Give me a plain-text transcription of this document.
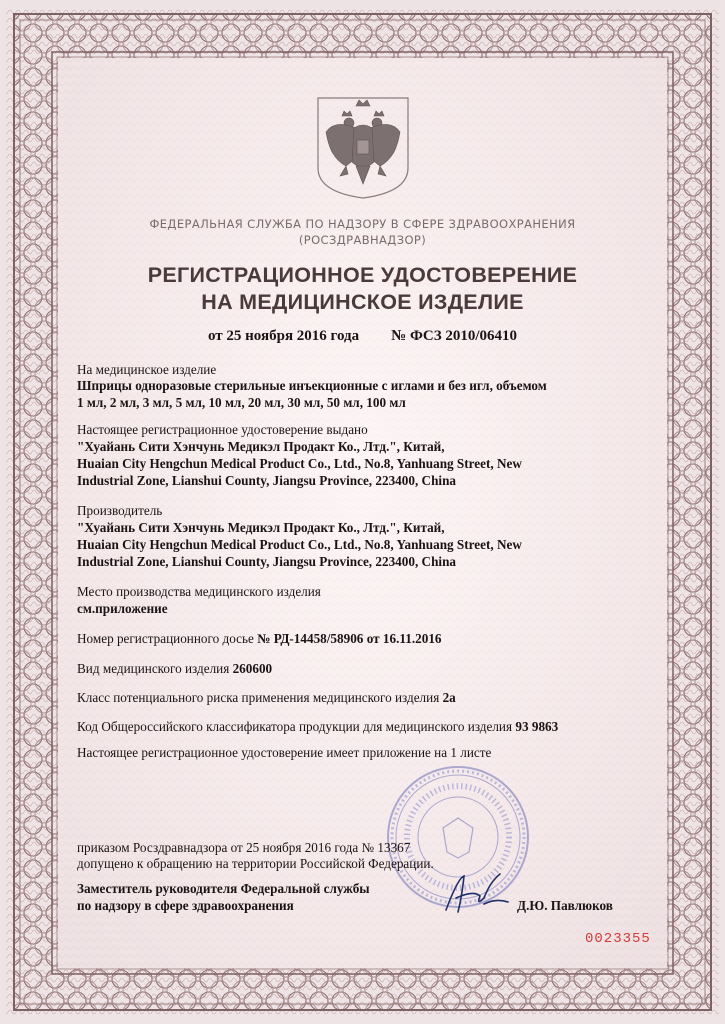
ФЕДЕРАЛЬНАЯ СЛУЖБА ПО НАДЗОРУ В СФЕРЕ ЗДРАВООХРАНЕНИЯ
(РОСЗДРАВНАДЗОР)
РЕГИСТРАЦИОННОЕ УДОСТОВЕРЕНИЕ
НА МЕДИЦИНСКОЕ ИЗДЕЛИЕ
от 25 ноября 2016 года № ФСЗ 2010/06410
На медицинское изделие
Шприцы одноразовые стерильные инъекционные с иглами и без игл, объемом
1 мл, 2 мл, 3 мл, 5 мл, 10 мл, 20 мл, 30 мл, 50 мл, 100 мл
Настоящее регистрационное удостоверение выдано
"Хуайань Сити Хэнчунь Медикэл Продакт Ко., Лтд.", Китай,
Huaian City Hengchun Medical Product Co., Ltd., No.8, Yanhuang Street, New
Industrial Zone, Lianshui County, Jiangsu Province, 223400, China
Производитель
"Хуайань Сити Хэнчунь Медикэл Продакт Ко., Лтд.", Китай,
Huaian City Hengchun Medical Product Co., Ltd., No.8, Yanhuang Street, New
Industrial Zone, Lianshui County, Jiangsu Province, 223400, China
Место производства медицинского изделия
см.приложение
Номер регистрационного досье № РД-14458/58906 от 16.11.2016
Вид медицинского изделия 260600
Класс потенциального риска применения медицинского изделия 2а
Код Общероссийского классификатора продукции для медицинского изделия 93 9863
Настоящее регистрационное удостоверение имеет приложение на 1 листе
приказом Росздравнадзора от 25 ноября 2016 года № 13367
допущено к обращению на территории Российской Федерации.
Заместитель руководителя Федеральной службы
по надзору в сфере здравоохранения	Д.Ю. Павлюков
0023355
